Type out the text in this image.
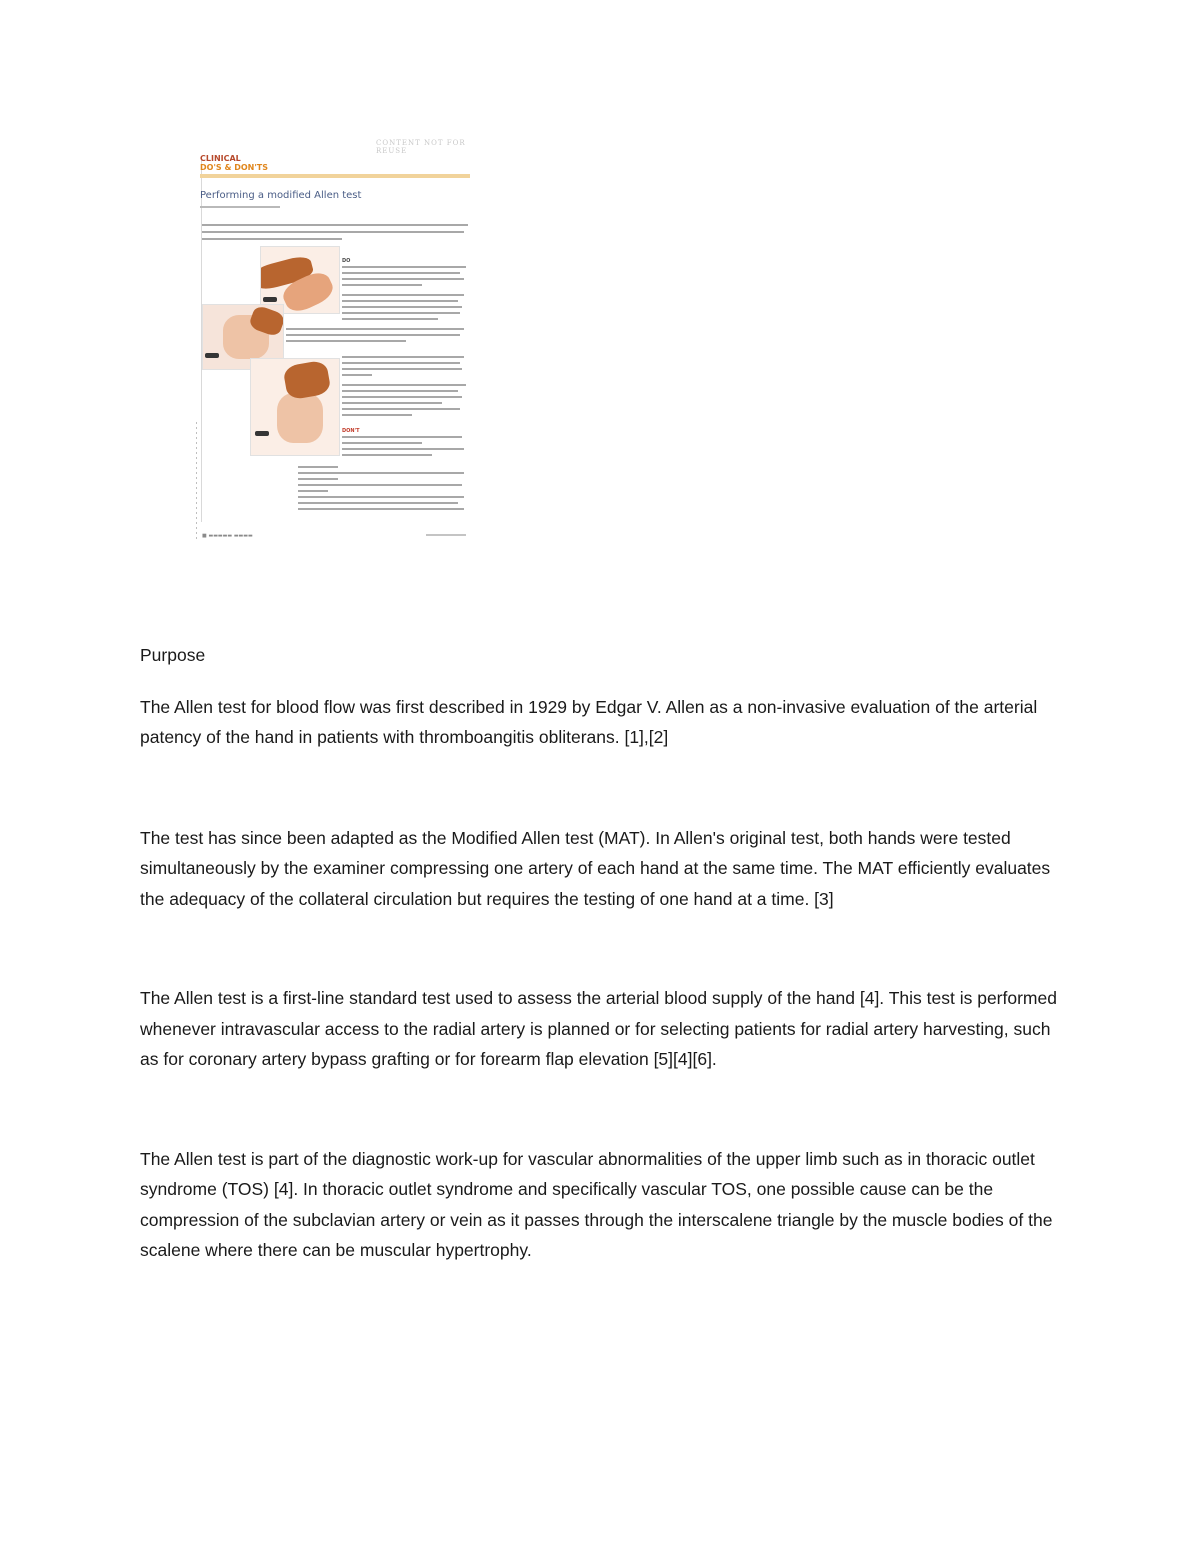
CONTENT NOT FOR REUSE
CLINICAL
DO'S & DON'TS
Performing a modified Allen test
DO
DON'T
■ ▬▬▬▬▬ ▬▬▬▬

Purpose

The Allen test for blood flow was first described in 1929 by Edgar V. Allen as a non-invasive evaluation of the arterial patency of the hand in patients with thromboangitis obliterans. [1],[2]

The test has since been adapted as the Modified Allen test (MAT). In Allen's original test, both hands were tested simultaneously by the examiner compressing one artery of each hand at the same time. The MAT efficiently evaluates the adequacy of the collateral circulation but requires the testing of one hand at a time. [3]

The Allen test is a first-line standard test used to assess the arterial blood supply of the hand [4]. This test is performed whenever intravascular access to the radial artery is planned or for selecting patients for radial artery harvesting, such as for coronary artery bypass grafting or for forearm flap elevation [5][4][6].

The Allen test is part of the diagnostic work-up for vascular abnormalities of the upper limb such as in thoracic outlet syndrome (TOS) [4]. In thoracic outlet syndrome and specifically vascular TOS, one possible cause can be the compression of the subclavian artery or vein as it passes through the interscalene triangle by the muscle bodies of the scalene where there can be muscular hypertrophy.
